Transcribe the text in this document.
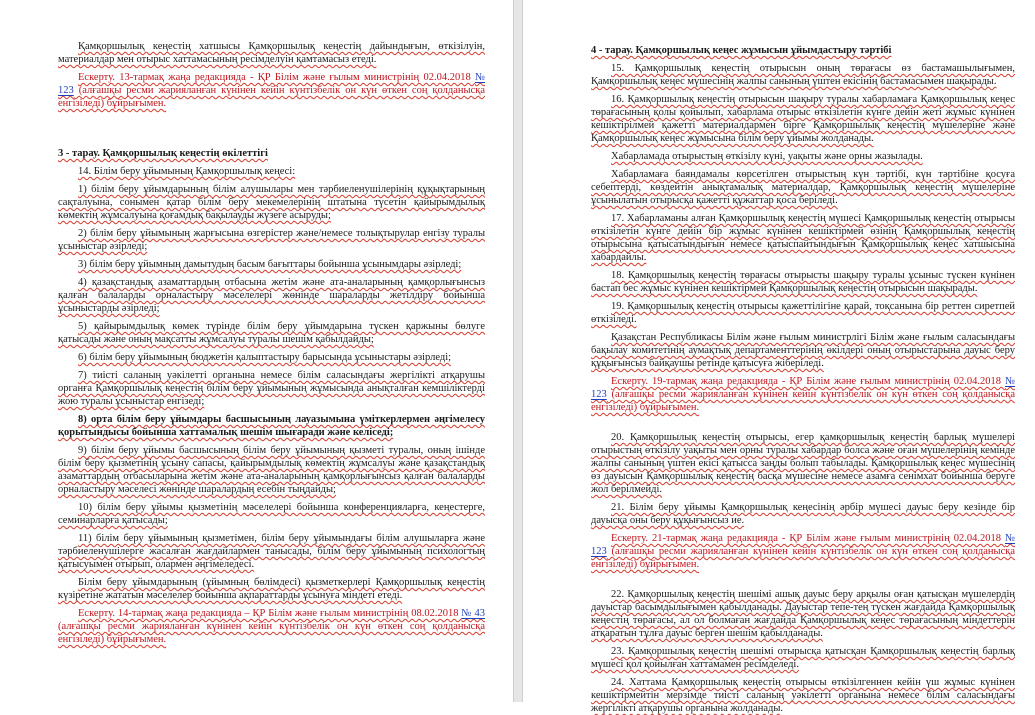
Қамқоршылық кеңестің хатшысы Қамқоршылық кеңестің дайындығын, өткізілуін, материалдар мен отырыс хаттамасының ресімделуін қамтамасыз етеді.

Ескерту. 13-тармақ жаңа редакцияда - ҚР Білім және ғылым министрінің 02.04.2018 № 123 (алғашқы ресми жарияланған күнінен кейін күнтізбелік он күн өткен соң қолданысқа енгізіледі) бұйрығымен.

3 - тарау. Қамқоршылық кеңестің өкілеттігі

14. Білім беру ұйымының Қамқоршылық кеңесі:

1) білім беру ұйымдарының білім алушылары мен тәрбиеленушілерінің құқықтарының сақталуына, сонымен қатар білім беру мекемелерінің штатына түсетін қайырымдылық көмектің жұмсалуына қоғамдық бақылауды жүзеге асыруды;

2) білім беру ұйымының жарғысына өзгерістер және/немесе толықтырулар енгізу туралы ұсыныстар әзірледі;

3) білім беру ұйымның дамытудың басым бағыттары бойынша ұсынымдары әзірледі;

4) қазақстандық азаматтардың отбасына жетім және ата-аналарының қамқорлығынсыз қалған балаларды орналастыру мәселелері жөнінде шараларды жетілдіру бойынша ұсыныстарды әзірледі;

5) қайырымдылық көмек түрінде білім беру ұйымдарына түскен қаржыны бөлуге қатысады және оның мақсатты жұмсалуы туралы шешім қабылдайды;

6) білім беру ұйымының бюджетін қалыптастыру барысында ұсыныстары әзірледі;

7) тиісті саланың уәкілетті органына немесе білім саласындағы жергілікті атқарушы органға Қамқоршылық кеңестің білім беру ұйымының жұмысында анықталған кемшіліктерді жою туралы ұсыныстар енгізеді;

8) орта білім беру ұйымдары басшысының лауазымына үміткерлермен әңгімелесу қорытындысы бойынша хаттамалық шешім шығаради және келіседі;

9) білім беру ұйымы басшысының білім беру ұйымының қызметі туралы, оның ішінде білім беру қызметінің ұсыну сапасы, қайырымдылық көмектің жұмсалуы және қазақстандық азаматтардың отбасыларына жетім және ата-аналарының қамқорлығынсыз қалған балаларды орналастыру мәселесі жөнінде шаралардың есебін тыңдайды;

10) білім беру ұйымы қызметінің мәселелері бойынша конференцияларға, кеңестерге, семинарларға қатысады;

11) білім беру ұйымының қызметімен, білім беру ұйымындағы білім алушыларға және тәрбиеленушілерге жасалған жағдайлармен танысады, білім беру ұйымының психологтың қатысуымен отырып, олармен әңгімеледесі.

Білім беру ұйымдарының (ұйымның бөлімдесі) қызметкерлері Қамқоршылық кеңестің күзіретіне жататын мәселелер бойынша ақпараттарды ұсынуға міндеті етеді.

Ескерту. 14-тармақ жаңа редакцияда – ҚР Білім және ғылым министрінің 08.02.2018 № 43 (алғашқы ресми жарияланған күнінен кейін күнтізбелік он күн өткен соң қолданысқа енгізіледі) бұйрығымен.

4 - тарау. Қамқоршылық кеңес жұмысын ұйымдастыру тәртібі

15. Қамқоршылық кеңестің отырысын оның төрағасы өз бастамашылығымен, Қамқоршылық кеңес мүшесінің жалпы санының үштен екісінің бастамасымен шақырады.

16. Қамқоршылық кеңестің отырысын шақыру туралы хабарламаға Қамқоршылық кеңес төрағасының қолы қойылып, хабарлама отырыс өткізілетін күнге дейін жеті жұмыс күнінен кешіктірілмей қажетті материалдармен бірге Қамқоршылық кеңестің мүшелеріне және Қамқоршылық кеңес жұмысына білім беру ұйымы жолданады.

Хабарламада отырыстың өткізілу күні, уақыты және орны жазылады.

Хабарламаға баяндамалы көрсетілген отырыстың күн тәртібі, күн тәртібіне қосуға себептерді, көздейтін анықтамалық материалдар, Қамқоршылық кеңестің мүшелеріне ұсынылатын отырысқа қажетті құжаттар қоса беріледі.

17. Хабарламаны алған Қамқоршылық кеңестің мүшесі Қамқоршылық кеңестің отырысы өткізілетін күнге дейін бір жұмыс күнінен кешіктірмей өзінің Қамқоршылық кеңестің отырысына қатысатындығын немесе қатыспайтындығын Қамқоршылық кеңес хатшысына хабардайлы.

18. Қамқоршылық кеңестің төрағасы отырысты шақыру туралы ұсыныс түскен күнінен бастап бес жұмыс күнінен кешіктірмей Қамқоршылық кеңестің отырысын шақырады.

19. Қамқоршылық кеңестің отырысы қажеттілігіне қарай, тоқсанына бір реттен сиретпей өткізіледі.

Қазақстан Республикасы Білім және ғылым министрлігі Білім және ғылым саласындағы бақылау комитетінің аумақтық департаменттерінің өкілдері оның отырыстарына дауыс беру құқығынсыз байқаушы ретінде қатысуға жіберіледі.

Ескерту. 19-тармақ жаңа редакцияда - ҚР Білім және ғылым министрінің 02.04.2018 № 123 (алғашқы ресми жарияланған күнінен кейін күнтізбелік он күн өткен соң қолданысқа енгізіледі) бұйрығымен.

20. Қамқоршылық кеңестің отырысы, егер қамқоршылық кеңестің барлық мүшелері отырыстың өткізілу уақыты мен орны туралы хабардар болса және оған мүшелерінің кемінде жалпы санының үштен екісі қатысса заңды болып табылады. Қамқоршылық кеңес мүшесінің өз дауысын Қамқоршылық кеңестің басқа мүшесіне немесе азамға сенімхат бойынша беруге жол берілмейді.

21. Білім беру ұйымы Қамқоршылық кеңесінің әрбір мүшесі дауыс беру кезінде бір дауысқа оны беру құқығынсыз ие.

Ескерту. 21-тармақ жаңа редакцияда - ҚР Білім және ғылым министрінің 02.04.2018 № 123 (алғашқы ресми жарияланған күнінен кейін күнтізбелік он күн өткен соң қолданысқа енгізіледі) бұйрығымен.

22. Қамқоршылық кеңестің шешімі ашық дауыс беру арқылы оған қатысқан мүшелердің дауыстар басымдылығымен қабылданады. Дауыстар тепе-тең түскен жағдайда Қамқоршылық кеңестің төрағасы, ал ол болмаған жағдайда Қамқоршылық кеңес төрағасының міндеттерін атқаратын тұлға дауыс берген шешім қабылданады.

23. Қамқоршылық кеңестің шешімі отырысқа қатысқан Қамқоршылық кеңестің барлық мүшесі қол қойылған хаттамамен ресімделеді.

24. Хаттама Қамқоршылық кеңестің отырысы өткізілгеннен кейін үш жұмыс күнінен кешіктірмейтін мерзімде тиісті саланың уәкілетті органына немесе білім саласындағы жергілікті атқарушы органына жолданады.
